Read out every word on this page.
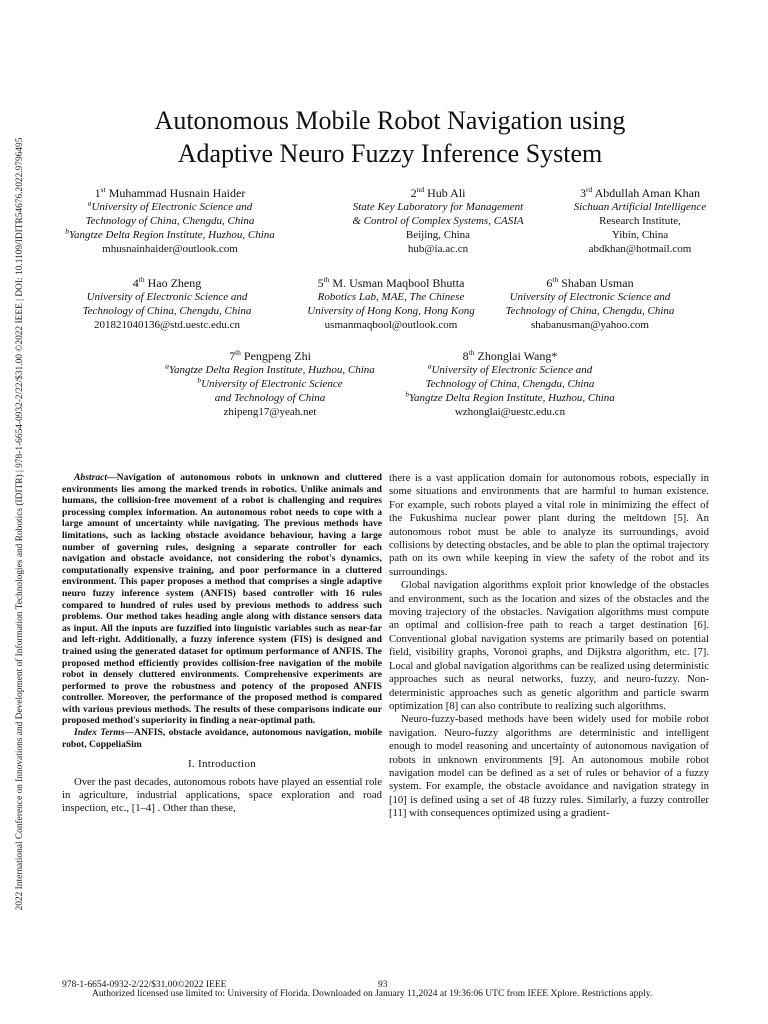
2022 International Conference on Innovations and Development of Information Technologies and Robotics (IDITR) | 978-1-6654-0932-2/22/$31.00 ©2022 IEEE | DOI: 10.1109/IDITR54676.2022.9796495
Autonomous Mobile Robot Navigation using
Adaptive Neuro Fuzzy Inference System
1st Muhammad Husnain Haider
$^a$University of Electronic Science and
Technology of China, Chengdu, China
$^b$Yangtze Delta Region Institute, Huzhou, China
mhusnainhaider@outlook.com
2nd Hub Ali
State Key Laboratory for Management
& Control of Complex Systems, CASIA
Beijing, China
hub@ia.ac.cn
3rd Abdullah Aman Khan
Sichuan Artificial Intelligence
Research Institute,
Yibin, China
abdkhan@hotmail.com
4th Hao Zheng
University of Electronic Science and
Technology of China, Chengdu, China
201821040136@std.uestc.edu.cn
5th M. Usman Maqbool Bhutta
Robotics Lab, MAE, The Chinese
University of Hong Kong, Hong Kong
usmanmaqbool@outlook.com
6th Shaban Usman
University of Electronic Science and
Technology of China, Chengdu, China
shabanusman@yahoo.com
7th Pengpeng Zhi
$^a$Yangtze Delta Region Institute, Huzhou, China
$^b$University of Electronic Science
and Technology of China
zhipeng17@yeah.net
8th Zhonglai Wang*
$^a$University of Electronic Science and
Technology of China, Chengdu, China
$^b$Yangtze Delta Region Institute, Huzhou, China
wzhonglai@uestc.edu.cn

Abstract—Navigation of autonomous robots in unknown and cluttered environments lies among the marked trends in robotics. Unlike animals and humans, the collision-free movement of a robot is challenging and requires processing complex information. An autonomous robot needs to cope with a large amount of uncertainty while navigating. The previous methods have limitations, such as lacking obstacle avoidance behaviour, having a large number of governing rules, designing a separate controller for each navigation and obstacle avoidance, not considering the robot's dynamics, computationally expensive training, and poor performance in a cluttered environment. This paper proposes a method that comprises a single adaptive neuro fuzzy inference system (ANFIS) based controller with 16 rules compared to hundred of rules used by previous methods to address such problems. Our method takes heading angle along with distance sensors data as input. All the inputs are fuzzified into linguistic variables such as near-far and left-right. Additionally, a fuzzy inference system (FIS) is designed and trained using the generated dataset for optimum performance of ANFIS. The proposed method efficiently provides collision-free navigation of the mobile robot in densely cluttered environments. Comprehensive experiments are performed to prove the robustness and potency of the proposed ANFIS controller. Moreover, the performance of the proposed method is compared with various previous methods. The results of these comparisons indicate our proposed method's superiority in finding a near-optimal path.

Index Terms—ANFIS, obstacle avoidance, autonomous navigation, mobile robot, CoppeliaSim

I. Introduction

Over the past decades, autonomous robots have played an essential role in agriculture, industrial applications, space exploration and road inspection, etc., [1–4] . Other than these,

there is a vast application domain for autonomous robots, especially in some situations and environments that are harmful to human existence. For example, such robots played a vital role in minimizing the effect of the Fukushima nuclear power plant during the meltdown [5]. An autonomous robot must be able to analyze its surroundings, avoid collisions by detecting obstacles, and be able to plan the optimal trajectory path on its own while keeping in view the safety of the robot and its surroundings.

Global navigation algorithms exploit prior knowledge of the obstacles and environment, such as the location and sizes of the obstacles and the moving trajectory of the obstacles. Navigation algorithms must compute an optimal and collision-free path to reach a target destination [6]. Conventional global navigation systems are primarily based on potential field, visibility graphs, Voronoi graphs, and Dijkstra algorithm, etc. [7]. Local and global navigation algorithms can be realized using deterministic approaches such as neural networks, fuzzy, and neuro-fuzzy. Non-deterministic approaches such as genetic algorithm and particle swarm optimization [8] can also contribute to realizing such algorithms.

Neuro-fuzzy-based methods have been widely used for mobile robot navigation. Neuro-fuzzy algorithms are deterministic and intelligent enough to model reasoning and uncertainty of autonomous navigation of robots in unknown environments [9]. An autonomous mobile robot navigation model can be defined as a set of rules or behavior of a fuzzy system. For example, the obstacle avoidance and navigation strategy in [10] is defined using a set of 48 fuzzy rules. Similarly, a fuzzy controller [11] with consequences optimized using a gradient-

978-1-6654-0932-2/22/$31.00©2022 IEEE	93
Authorized licensed use limited to: University of Florida. Downloaded on January 11,2024 at 19:36:06 UTC from IEEE Xplore. Restrictions apply.
